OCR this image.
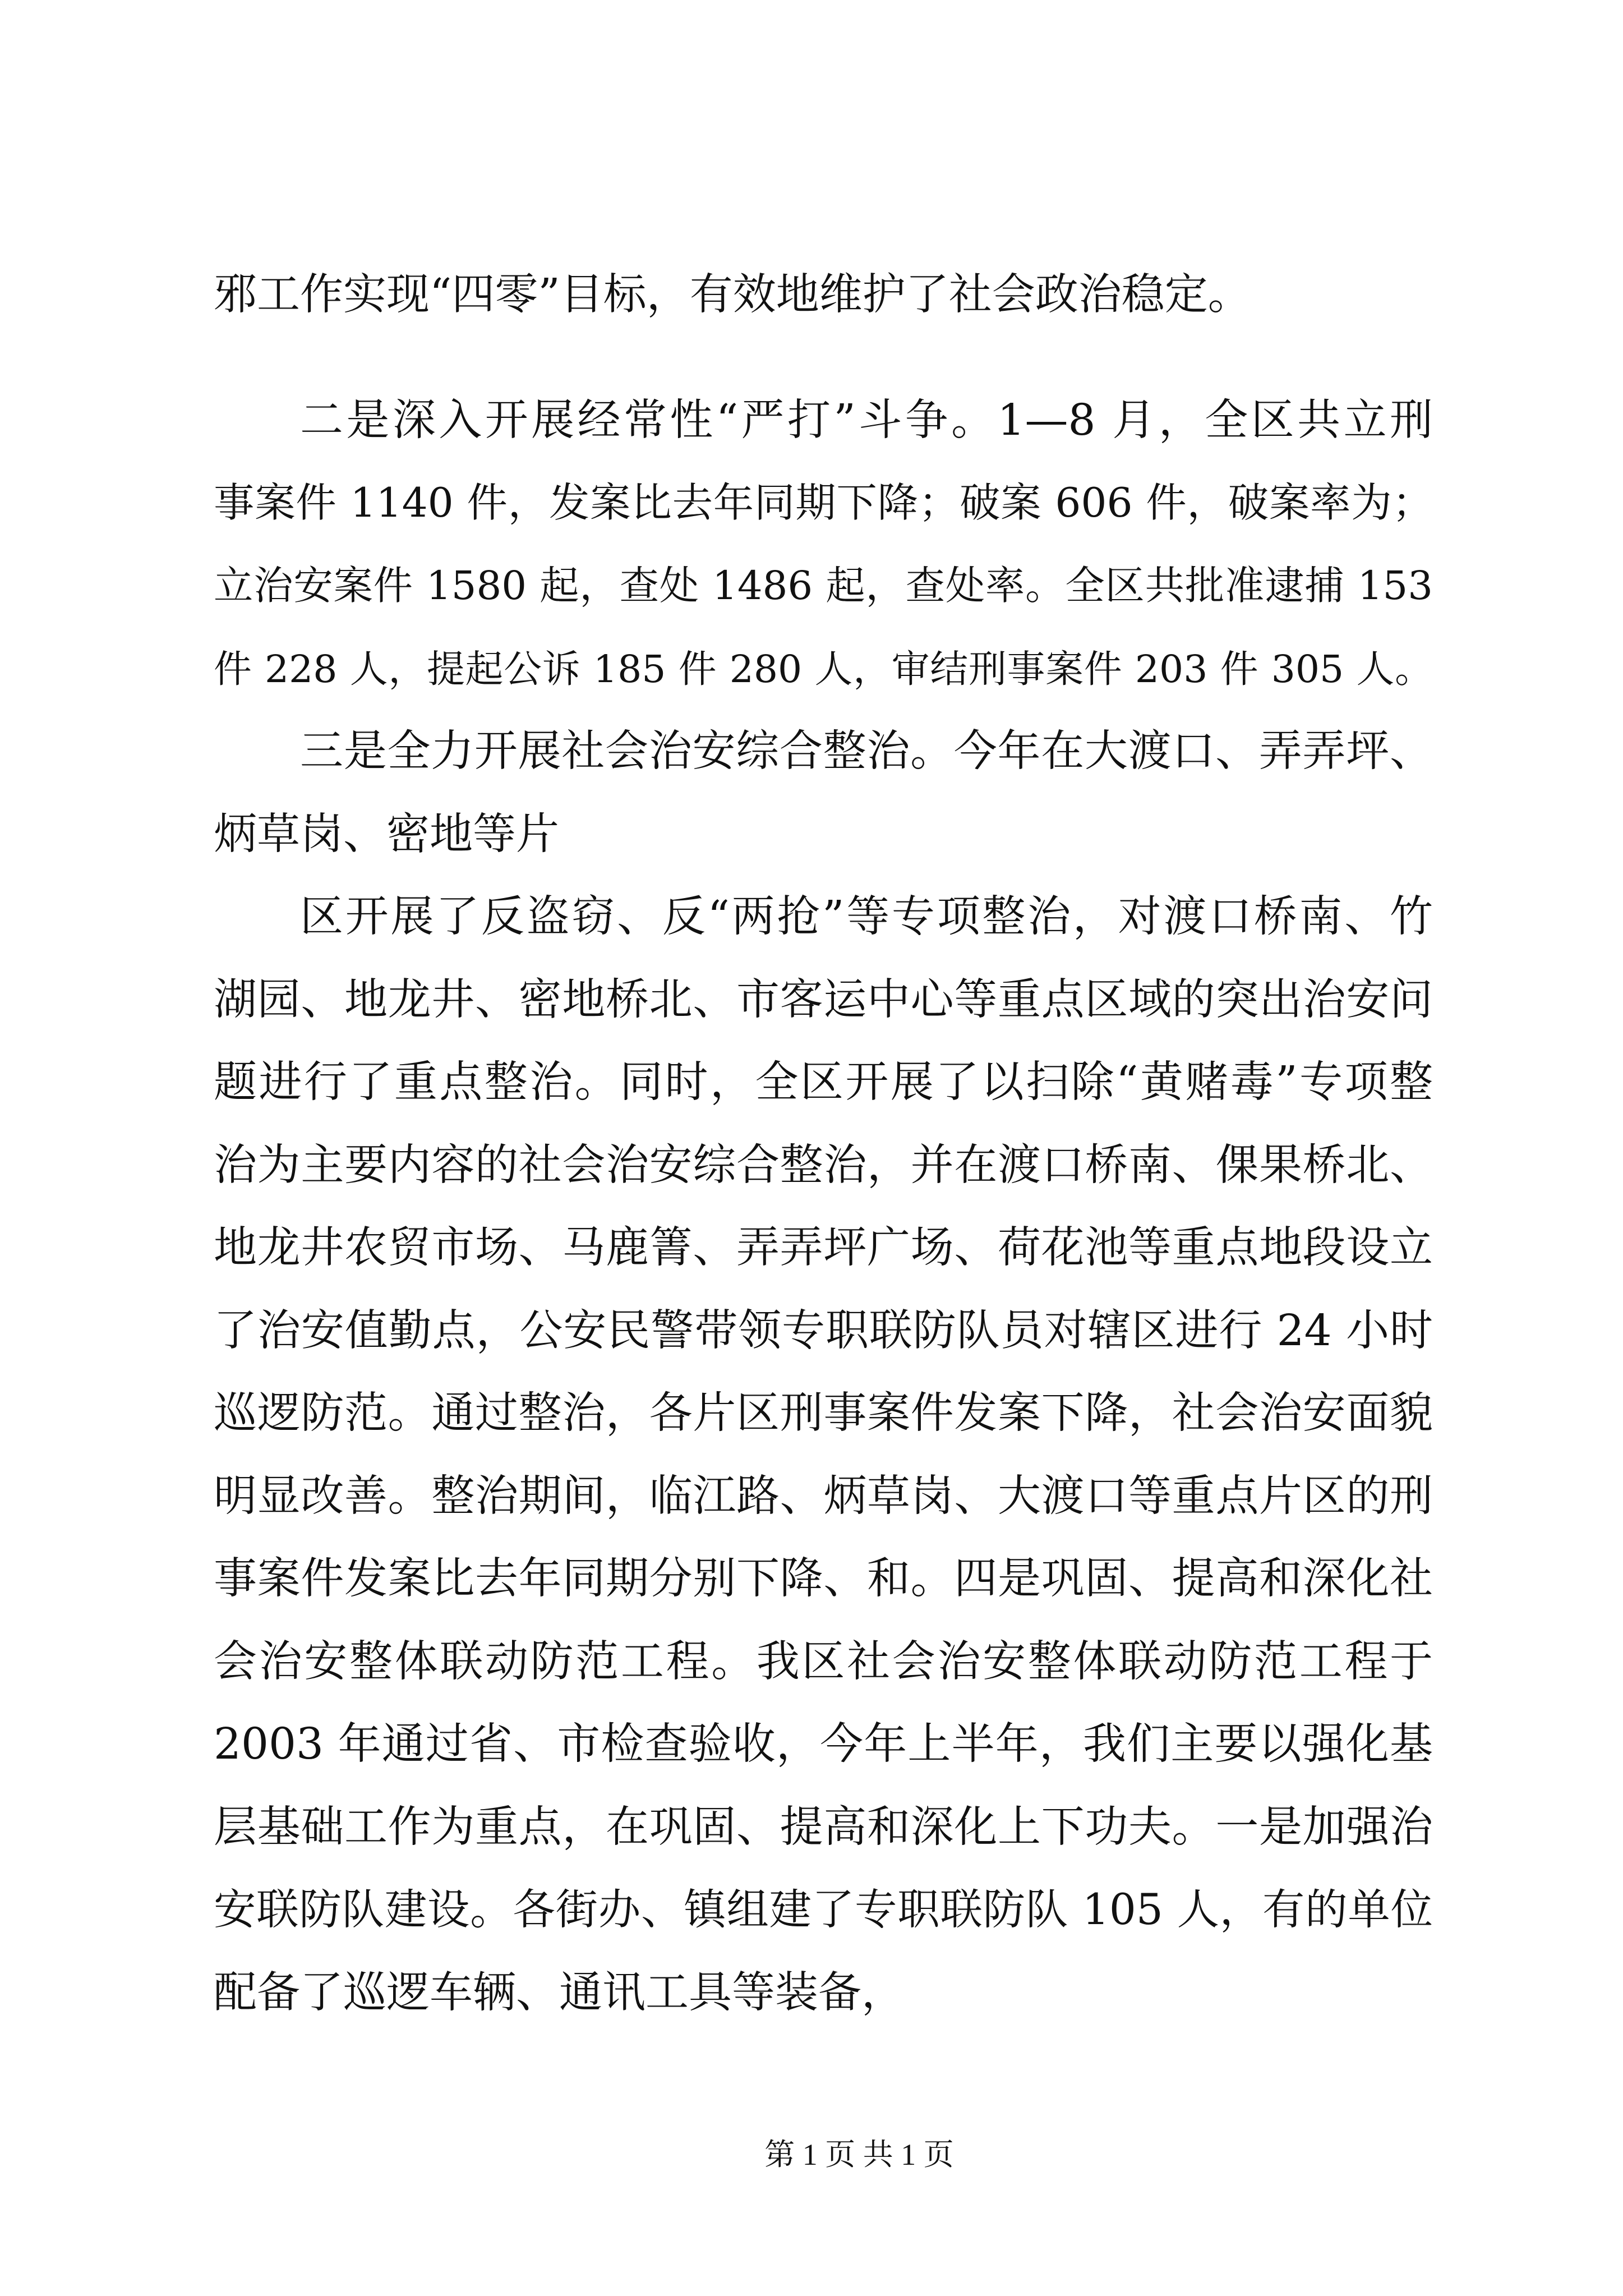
邪工作实现“四零”目标，有效地维护了社会政治稳定。
二是深入开展经常性“严打”斗争。1—8 月，全区共立刑
事案件 1140 件，发案比去年同期下降；破案 606 件，破案率为；
立治安案件 1580 起，查处 1486 起，查处率。全区共批准逮捕 153
件 228 人，提起公诉 185 件 280 人，审结刑事案件 203 件 305 人。
三是全力开展社会治安综合整治。今年在大渡口、弄弄坪、
炳草岗、密地等片
区开展了反盗窃、反“两抢”等专项整治，对渡口桥南、竹
湖园、地龙井、密地桥北、市客运中心等重点区域的突出治安问
题进行了重点整治。同时，全区开展了以扫除“黄赌毒”专项整
治为主要内容的社会治安综合整治，并在渡口桥南、倮果桥北、
地龙井农贸市场、马鹿箐、弄弄坪广场、荷花池等重点地段设立
了治安值勤点，公安民警带领专职联防队员对辖区进行 24 小时
巡逻防范。通过整治，各片区刑事案件发案下降，社会治安面貌
明显改善。整治期间，临江路、炳草岗、大渡口等重点片区的刑
事案件发案比去年同期分别下降、和。四是巩固、提高和深化社
会治安整体联动防范工程。我区社会治安整体联动防范工程于
2003 年通过省、市检查验收，今年上半年，我们主要以强化基
层基础工作为重点，在巩固、提高和深化上下功夫。一是加强治
安联防队建设。各街办、镇组建了专职联防队 105 人，有的单位
配备了巡逻车辆、通讯工具等装备，
第 1 页 共 1 页
